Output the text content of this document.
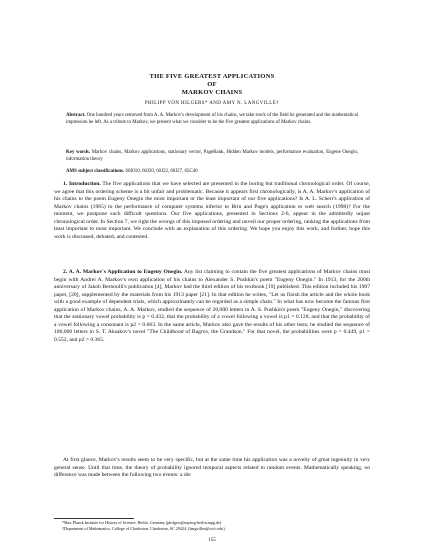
THE FIVE GREATEST APPLICATIONS

OF

MARKOV CHAINS

PHILIPP VON HILGERS* AND AMY N. LANGVILLE†

Abstract. One hundred years removed from A. A. Markov's development of his chains, we take stock of the field he generated and the mathematical impression he left. As a tribute to Markov, we present what we consider to be the five greatest applications of Markov chains.

Key words. Markov chains, Markov applications, stationary vector, PageRank, Hidden Markov models, performance evaluation, Eugene Onegin, information theory

AMS subject classifications. 60J010, 60J20, 60J22, 60J27, 65C40

1. Introduction. The five applications that we have selected are presented in the boring but traditional chronological order. Of course, we agree that this ordering scheme is a bit unfair and problematic. Because it appears first chronologically, is A. A. Markov's application of his chains to the poem Eugeny Onegin the most important or the least important of our five applications? Is A. L. Scherr's application of Markov chains (1965) to the performance of computer systems inferior to Brin and Page's application to web search (1998)? For the moment, we postpone such difficult questions. Our five applications, presented in Sections 2-6, appear in the admittedly unjust chronological order. In Section 7, we right the wrongs of this imposed ordering and unveil our proper ordering, ranking the applications from least important to most important. We conclude with an explanation of this ordering. We hope you enjoy this work, and further, hope this work is discussed, debated, and contested.

2. A. A. Markov's Application to Eugeny Onegin. Any list claiming to contain the five greatest applications of Markov chains must begin with Andrei A. Markov's own application of his chains to Alexander S. Pushkin's poem "Eugeny Onegin." In 1913, for the 200th anniversary of Jakob Bernoulli's publication [4], Markov had the third edition of his textbook [19] published. This edition included his 1907 paper, [20], supplemented by the materials from his 1913 paper [21]. In that edition he writes, "Let us finish the article and the whole book with a good example of dependent trials, which approximately can be regarded as a simple chain." In what has now become the famous first application of Markov chains, A. A. Markov, studied the sequence of 20,000 letters in A. S. Pushkin's poem "Eugeny Onegin," discovering that the stationary vowel probability is p = 0.432, that the probability of a vowel following a vowel is p1 = 0.128, and that the probability of a vowel following a consonant is p2 = 0.663. In the same article, Markov also gave the results of his other tests; he studied the sequence of 100,000 letters in S. T. Aksakov's novel "The Childhood of Bagrov, the Grandson." For that novel, the probabilities were p = 0.449, p1 = 0.552, and p2 = 0.365.

At first glance, Markov's results seem to be very specific, but at the same time his application was a novelty of great ingenuity in very general sense. Until that time, the theory of probability ignored temporal aspects related to random events. Mathematically speaking, no difference was made between the following two events: a die

*Max Planck Institute for History of Science, Berlin, Germany (philgers@mpiwg-berlin.mpg.de)

†Department of Mathematics, College of Charleston, Charleston, SC 29424, (langvillea@cofc.edu)

155
